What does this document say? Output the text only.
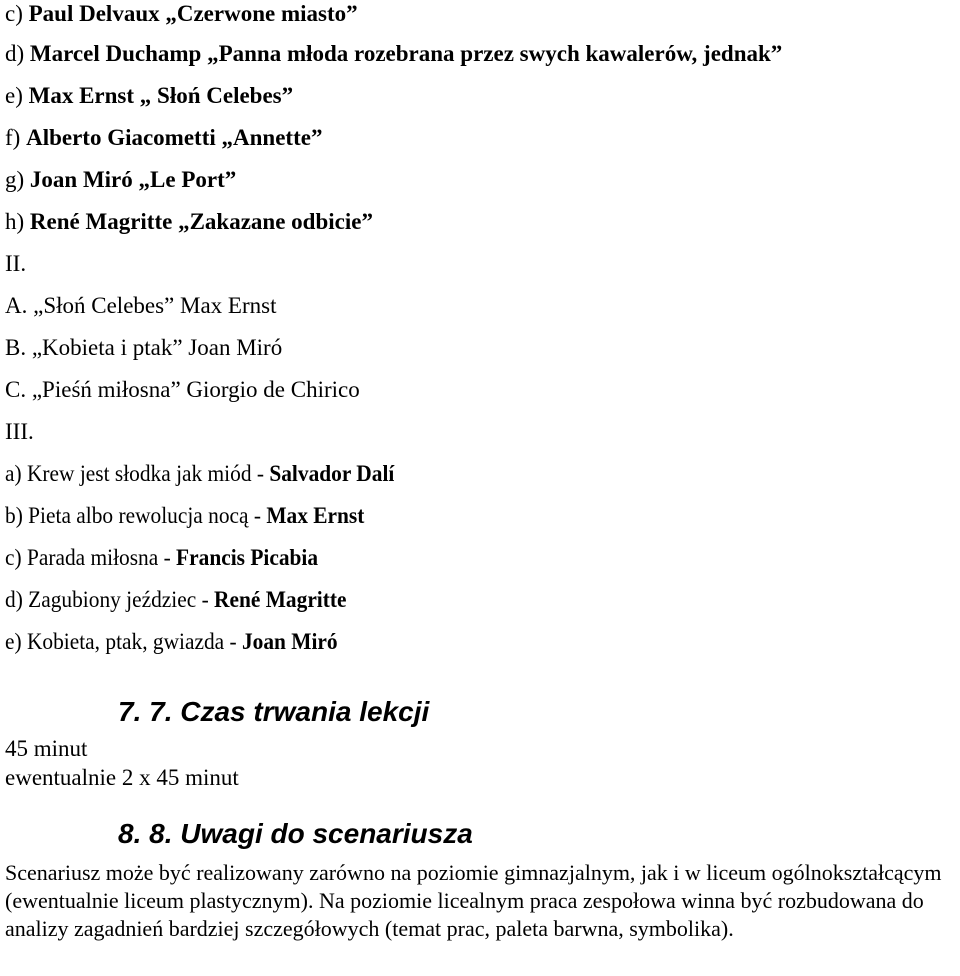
c) Paul Delvaux „Czerwone miasto”
d) Marcel Duchamp „Panna młoda rozebrana przez swych kawalerów, jednak”
e) Max Ernst „ Słoń Celebes”
f) Alberto Giacometti „Annette”
g) Joan Miró „Le Port”
h) René Magritte „Zakazane odbicie”
II.
A. „Słoń Celebes” Max Ernst
B. „Kobieta i ptak” Joan Miró
C. „Pieśń miłosna” Giorgio de Chirico
III.
a) Krew jest słodka jak miód - Salvador Dalí
b) Pieta albo rewolucja nocą - Max Ernst
c) Parada miłosna - Francis Picabia
d) Zagubiony jeździec - René Magritte
e) Kobieta, ptak, gwiazda - Joan Miró
7. 7. Czas trwania lekcji
45 minut
ewentualnie 2 x 45 minut
8. 8. Uwagi do scenariusza

Scenariusz może być realizowany zarówno na poziomie gimnazjalnym, jak i w liceum ogólnokształcącym (ewentualnie liceum plastycznym). Na poziomie licealnym praca zespołowa winna być rozbudowana do analizy zagadnień bardziej szczegółowych (temat prac, paleta barwna, symbolika).
